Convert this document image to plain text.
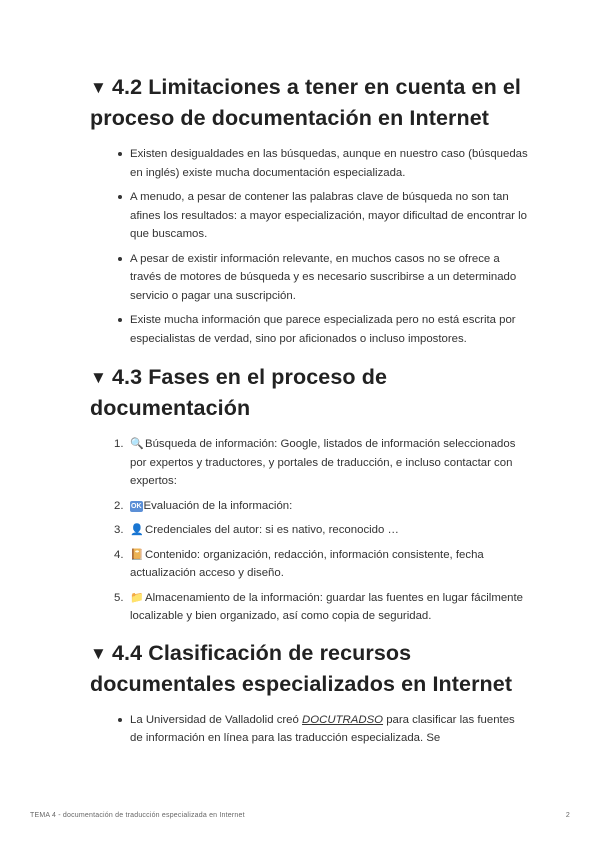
▼ 4.2 Limitaciones a tener en cuenta en el proceso de documentación en Internet
Existen desigualdades en las búsquedas, aunque en nuestro caso (búsquedas en inglés) existe mucha documentación especializada.
A menudo, a pesar de contener las palabras clave de búsqueda no son tan afines los resultados: a mayor especialización, mayor dificultad de encontrar lo que buscamos.
A pesar de existir información relevante, en muchos casos no se ofrece a través de motores de búsqueda y es necesario suscribirse a un determinado servicio o pagar una suscripción.
Existe mucha información que parece especializada pero no está escrita por especialistas de verdad, sino por aficionados o incluso impostores.
▼ 4.3 Fases en el proceso de documentación
1. 🔍Búsqueda de información: Google, listados de información seleccionados por expertos y traductores, y portales de traducción, e incluso contactar con expertos:
2. OK Evaluación de la información:
3. 👤Credenciales del autor: si es nativo, reconocido …
4. 📔Contenido: organización, redacción, información consistente, fecha actualización acceso y diseño.
5. 📁Almacenamiento de la información: guardar las fuentes en lugar fácilmente localizable y bien organizado, así como copia de seguridad.
▼ 4.4 Clasificación de recursos documentales especializados en Internet
La Universidad de Valladolid creó DOCUTRADSO para clasificar las fuentes de información en línea para las traducción especializada. Se
TEMA 4 - documentación de traducción especializada en Internet	2
